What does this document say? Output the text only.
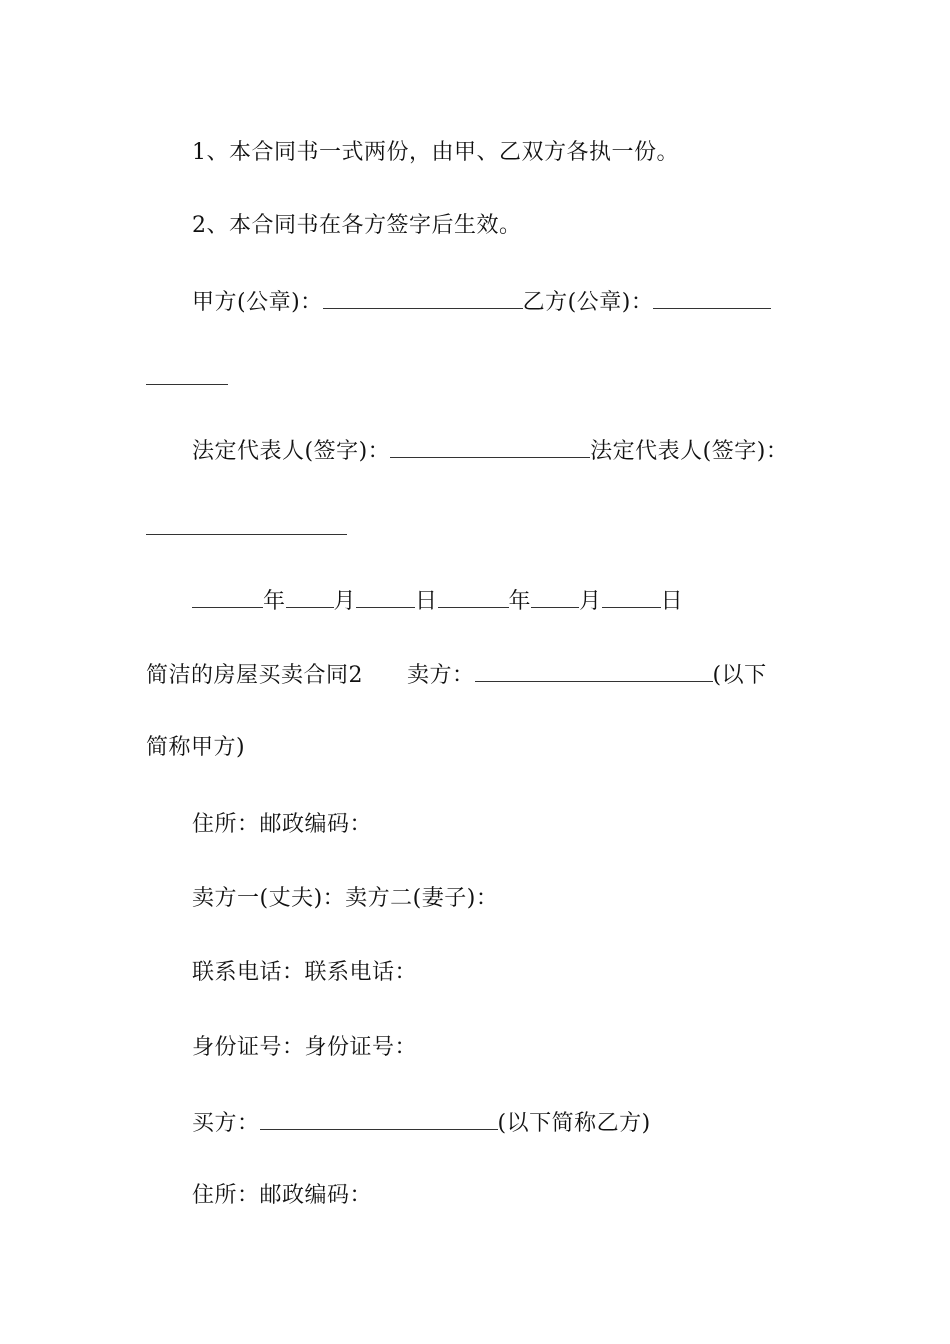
1、本合同书一式两份，由甲、乙双方各执一份。
2、本合同书在各方签字后生效。
甲方(公章)：	乙方(公章)：
法定代表人(签字)：	法定代表人(签字)：
年 月	日	年 月	日
简洁的房屋买卖合同2 卖方：	(以下
简称甲方)
住所：邮政编码：
卖方一(丈夫)：卖方二(妻子)：
联系电话：联系电话：
身份证号：身份证号：
买方：	(以下简称乙方)
住所：邮政编码：
